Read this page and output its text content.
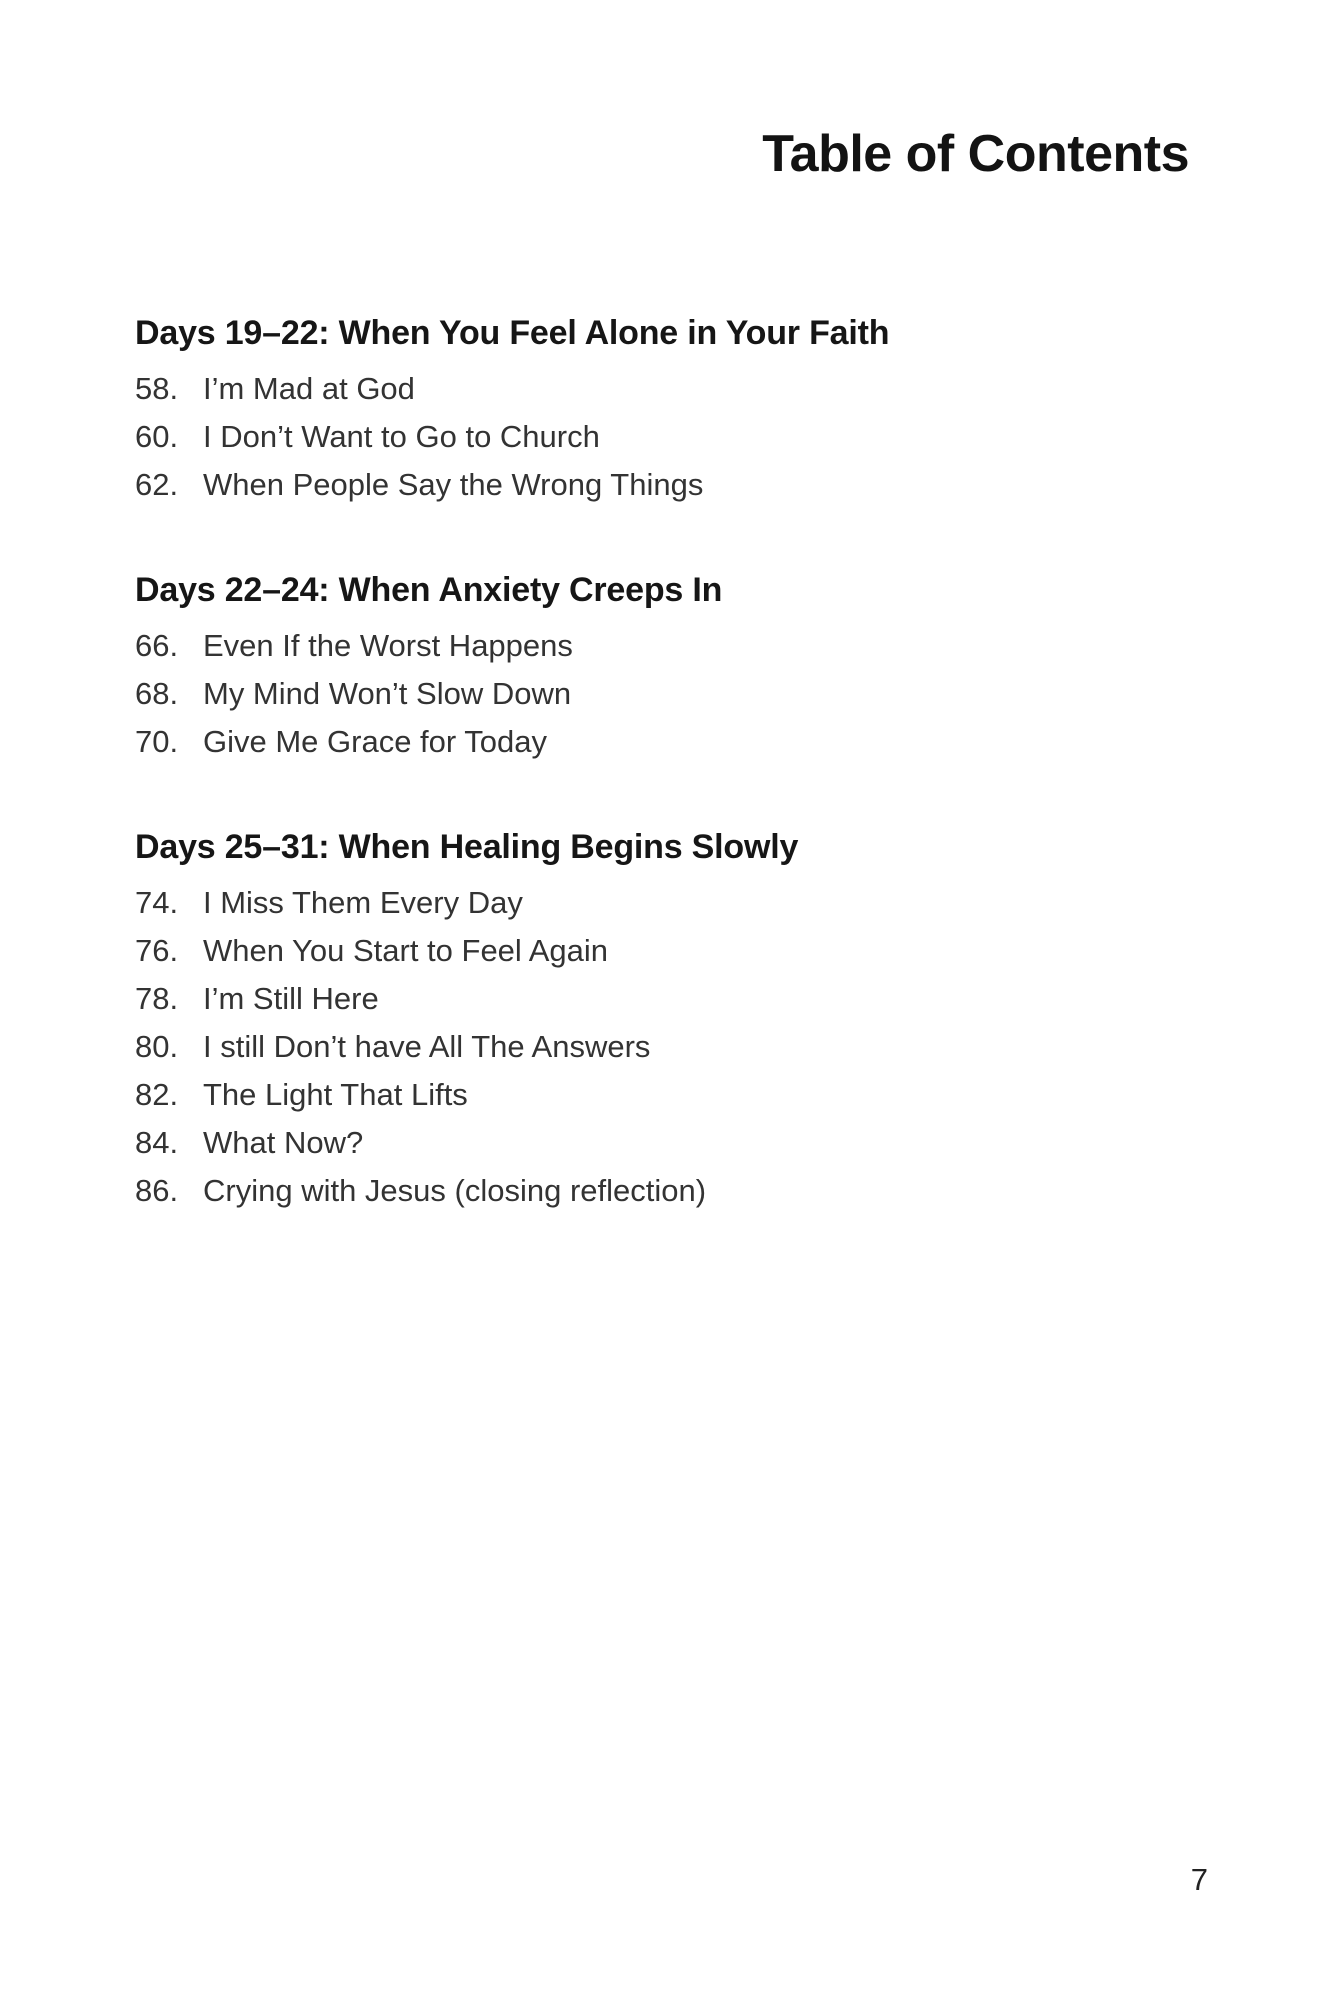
Table of Contents
Days 19–22: When You Feel Alone in Your Faith
58. I’m Mad at God
60. I Don’t Want to Go to Church
62. When People Say the Wrong Things
Days 22–24: When Anxiety Creeps In
66. Even If the Worst Happens
68. My Mind Won’t Slow Down
70. Give Me Grace for Today
Days 25–31: When Healing Begins Slowly
74. I Miss Them Every Day
76. When You Start to Feel Again
78. I’m Still Here
80. I still Don’t have All The Answers
82. The Light That Lifts
84. What Now?
86. Crying with Jesus (closing reflection)
7
